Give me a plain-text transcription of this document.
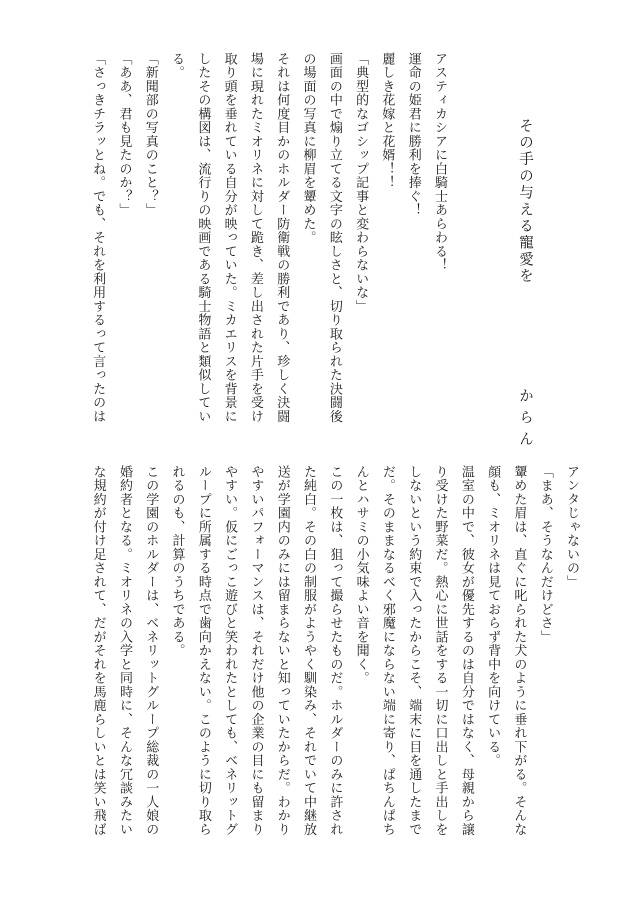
その手の与える寵愛を
からん
アスティカシアに白騎士あらわる！
運命の姫君に勝利を捧ぐ！
麗しき花嫁と花婿！！
「典型的なゴシップ記事と変わらないな」
画面の中で煽り立てる文字の眩しさと、切り取られた決闘後
の場面の写真に柳眉を顰めた。
それは何度目かのホルダー防衛戦の勝利であり、珍しく決闘
場に現れたミオリネに対して跪き、差し出された片手を受け
取り頭を垂れている自分が映っていた。ミカエリスを背景に
したその構図は、流行りの映画である騎士物語と類似してい
る。
「新聞部の写真のこと？」
「ああ、君も見たのか？」
「さっきチラッとね。でも、それを利用するって言ったのは
アンタじゃないの」
「まあ、そうなんだけどさ」
顰めた眉は、直ぐに叱られた犬のように垂れ下がる。そんな
顔も、ミオリネは見ておらず背中を向けている。
温室の中で、彼女が優先するのは自分ではなく、母親から譲
り受けた野菜だ。熱心に世話をする一切に口出しと手出しを
しないという約束で入ったからこそ、端末に目を通したまで
だ。そのままなるべく邪魔にならない端に寄り、ぱちんぱち
んとハサミの小気味よい音を聞く。
この一枚は、狙って撮らせたものだ。ホルダーのみに許され
た純白。その白の制服がようやく馴染み、それでいて中継放
送が学園内のみには留まらないと知っていたからだ。わかり
やすいパフォーマンスは、それだけ他の企業の目にも留まり
やすい。仮にごっこ遊びと笑われたとしても、ベネリットグ
ループに所属する時点で歯向かえない。このように切り取ら
れるのも、計算のうちである。
この学園のホルダーは、ベネリットグループ総裁の一人娘の
婚約者となる。ミオリネの入学と同時に、そんな冗談みたい
な規約が付け足されて、だがそれを馬鹿らしいとは笑い飛ば
